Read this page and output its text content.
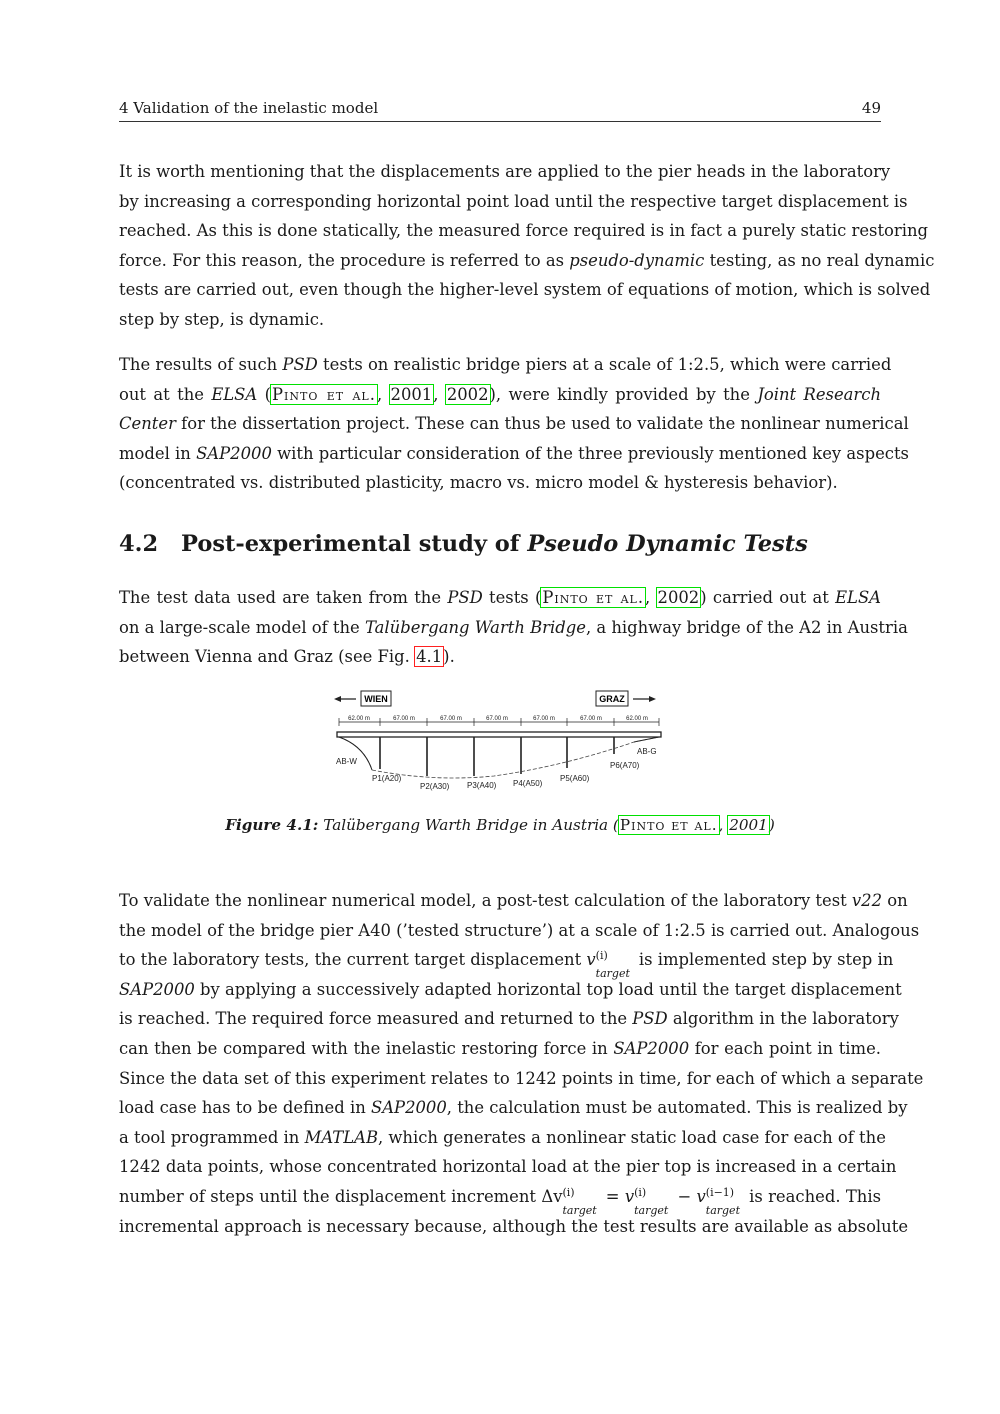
4 Validation of the inelastic model	49
It is worth mentioning that the displacements are applied to the pier heads in the laboratory
by increasing a corresponding horizontal point load until the respective target displacement is
reached. As this is done statically, the measured force required is in fact a purely static restoring
force. For this reason, the procedure is referred to as pseudo-dynamic testing, as no real dynamic
tests are carried out, even though the higher-level system of equations of motion, which is solved
step by step, is dynamic.
The results of such PSD tests on realistic bridge piers at a scale of 1:2.5, which were carried
out at the ELSA (Pinto et al., 2001, 2002), were kindly provided by the Joint Research
Center for the dissertation project. These can thus be used to validate the nonlinear numerical
model in SAP2000 with particular consideration of the three previously mentioned key aspects
(concentrated vs. distributed plasticity, macro vs. micro model & hysteresis behavior).
4.2 Post-experimental study of Pseudo Dynamic Tests
The test data used are taken from the PSD tests (Pinto et al., 2002) carried out at ELSA
on a large-scale model of the Talübergang Warth Bridge, a highway bridge of the A2 in Austria
between Vienna and Graz (see Fig. 4.1).
WIEN	GRAZ
62.00 m	67.00 m	67.00 m	67.00 m	67.00 m	67.00 m	62.00 m
AB-W
AB-G
P1(A20)
P2(A30) P3(A40) P4(A50)
P5(A60)
P6(A70)
Figure 4.1: Talübergang Warth Bridge in Austria (Pinto et al., 2001)
To validate the nonlinear numerical model, a post-test calculation of the laboratory test v22 on
the model of the bridge pier A40 (’tested structure’) at a scale of 1:2.5 is carried out. Analogous
to the laboratory tests, the current target displacement v (i)
target
is implemented step by step in
SAP2000 by applying a successively adapted horizontal top load until the target displacement
is reached. The required force measured and returned to the PSD algorithm in the laboratory
can then be compared with the inelastic restoring force in SAP2000 for each point in time.
Since the data set of this experiment relates to 1242 points in time, for each of which a separate
load case has to be defined in SAP2000, the calculation must be automated. This is realized by
a tool programmed in MATLAB, which generates a nonlinear static load case for each of the
1242 data points, whose concentrated horizontal load at the pier top is increased in a certain
number of steps until the displacement increment Δv (i)
target
= v (i)
target
− v (i−1)
target
is reached. This
incremental approach is necessary because, although the test results are available as absolute
